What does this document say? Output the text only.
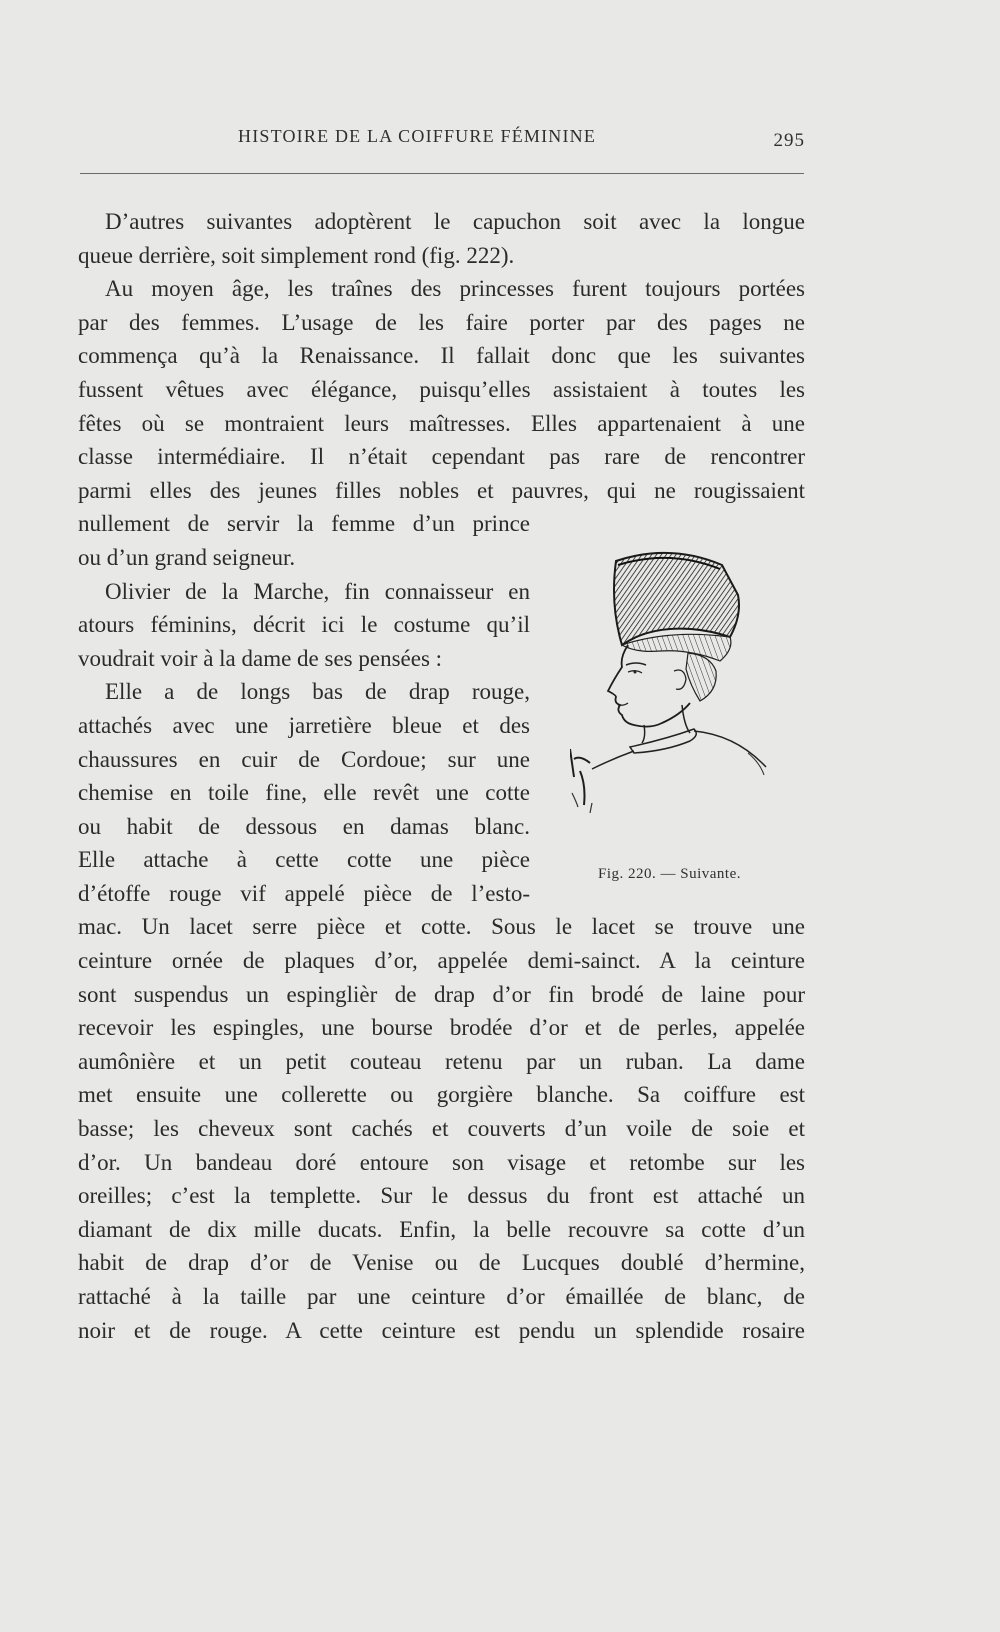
HISTOIRE DE LA COIFFURE FÉMININE	295
D’autres suivantes adoptèrent le capuchon soit avec la longue
queue derrière, soit simplement rond (fig. 222).
Au moyen âge, les traînes des princesses furent toujours portées
par des femmes. L’usage de les faire porter par des pages ne
commença qu’à la Renaissance. Il fallait donc que les suivantes
fussent vêtues avec élégance, puisqu’elles assistaient à toutes les
fêtes où se montraient leurs maîtresses. Elles appartenaient à une
classe intermédiaire. Il n’était cependant pas rare de rencontrer
parmi elles des jeunes filles nobles et pauvres, qui ne rougissaient
nullement de servir la femme d’un prince
ou d’un grand seigneur.
Olivier de la Marche, fin connaisseur en
atours féminins, décrit ici le costume qu’il
voudrait voir à la dame de ses pensées :
Elle a de longs bas de drap rouge,
attachés avec une jarretière bleue et des
chaussures en cuir de Cordoue; sur une
chemise en toile fine, elle revêt une cotte
ou habit de dessous en damas blanc.
Elle attache à cette cotte une pièce
d’étoffe rouge vif appelé pièce de l’esto-
mac. Un lacet serre pièce et cotte. Sous le lacet se trouve une
ceinture ornée de plaques d’or, appelée demi-sainct. A la ceinture
sont suspendus un espinglièr de drap d’or fin brodé de laine pour
recevoir les espingles, une bourse brodée d’or et de perles, appelée
aumônière et un petit couteau retenu par un ruban. La dame
met ensuite une collerette ou gorgière blanche. Sa coiffure est
basse; les cheveux sont cachés et couverts d’un voile de soie et
d’or. Un bandeau doré entoure son visage et retombe sur les
oreilles; c’est la templette. Sur le dessus du front est attaché un
diamant de dix mille ducats. Enfin, la belle recouvre sa cotte d’un
habit de drap d’or de Venise ou de Lucques doublé d’hermine,
rattaché à la taille par une ceinture d’or émaillée de blanc, de
noir et de rouge. A cette ceinture est pendu un splendide rosaire
Fig. 220. — Suivante.
